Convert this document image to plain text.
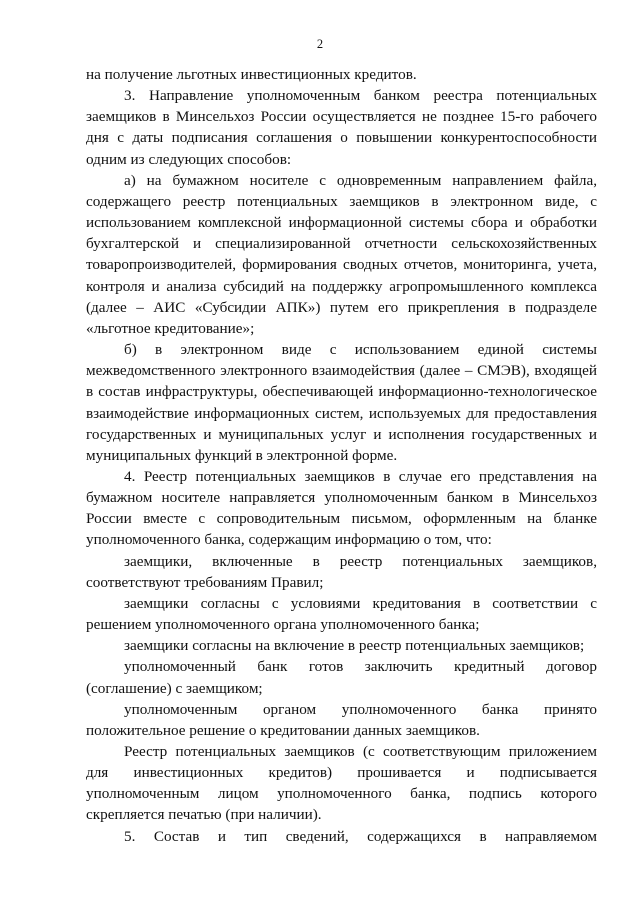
2

на получение льготных инвестиционных кредитов.

3. Направление уполномоченным банком реестра потенциальных заемщиков в Минсельхоз России осуществляется не позднее 15-го рабочего дня с даты подписания соглашения о повышении конкурентоспособности одним из следующих способов:

а) на бумажном носителе с одновременным направлением файла, содержащего реестр потенциальных заемщиков в электронном виде, с использованием комплексной информационной системы сбора и обработки бухгалтерской и специализированной отчетности сельскохозяйственных товаропроизводителей, формирования сводных отчетов, мониторинга, учета, контроля и анализа субсидий на поддержку агропромышленного комплекса (далее – АИС «Субсидии АПК») путем его прикрепления в подразделе «льготное кредитование»;

б) в электронном виде с использованием единой системы межведомственного электронного взаимодействия (далее – СМЭВ), входящей в состав инфраструктуры, обеспечивающей информационно-технологическое взаимодействие информационных систем, используемых для предоставления государственных и муниципальных услуг и исполнения государственных и муниципальных функций в электронной форме.

4. Реестр потенциальных заемщиков в случае его представления на бумажном носителе направляется уполномоченным банком в Минсельхоз России вместе с сопроводительным письмом, оформленным на бланке уполномоченного банка, содержащим информацию о том, что:

заемщики, включенные в реестр потенциальных заемщиков, соответствуют требованиям Правил;

заемщики согласны с условиями кредитования в соответствии с решением уполномоченного органа уполномоченного банка;

заемщики согласны на включение в реестр потенциальных заемщиков;

уполномоченный банк готов заключить кредитный договор (соглашение) с заемщиком;

уполномоченным органом уполномоченного банка принято положительное решение о кредитовании данных заемщиков.

Реестр потенциальных заемщиков (с соответствующим приложением для инвестиционных кредитов) прошивается и подписывается уполномоченным лицом уполномоченного банка, подпись которого скрепляется печатью (при наличии).

5. Состав и тип сведений, содержащихся в направляемом
